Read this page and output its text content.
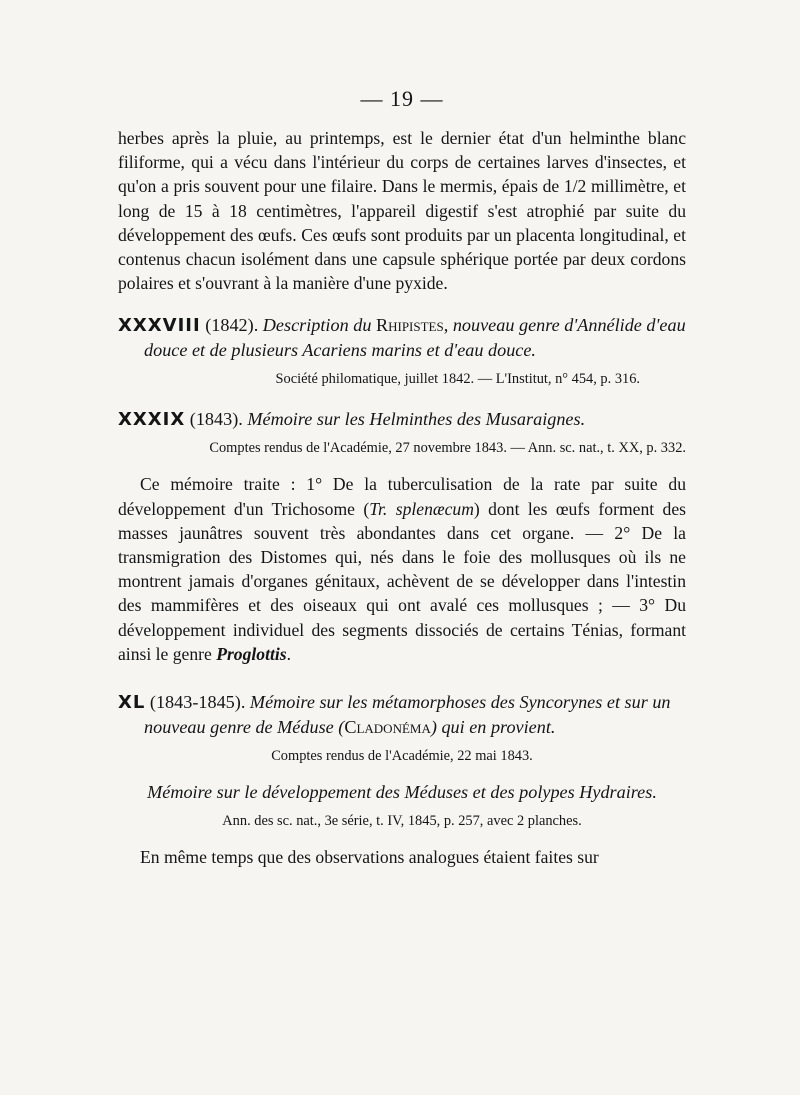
— 19 —

herbes après la pluie, au printemps, est le dernier état d'un helminthe blanc filiforme, qui a vécu dans l'intérieur du corps de certaines larves d'insectes, et qu'on a pris souvent pour une filaire. Dans le mermis, épais de 1/2 millimètre, et long de 15 à 18 centimètres, l'appareil digestif s'est atrophié par suite du développement des œufs. Ces œufs sont produits par un placenta longitudinal, et contenus chacun isolément dans une capsule sphérique portée par deux cordons polaires et s'ouvrant à la manière d'une pyxide.

XXXVIII (1842). Description du Rhipistes, nouveau genre d'Annélide d'eau douce et de plusieurs Acariens marins et d'eau douce.
Société philomatique, juillet 1842. — L'Institut, n° 454, p. 316.
XXXIX (1843). Mémoire sur les Helminthes des Musaraignes.
Comptes rendus de l'Académie, 27 novembre 1843. — Ann. sc. nat., t. XX, p. 332.

Ce mémoire traite : 1° De la tuberculisation de la rate par suite du développement d'un Trichosome (Tr. splenæcum) dont les œufs forment des masses jaunâtres souvent très abondantes dans cet organe. — 2° De la transmigration des Distomes qui, nés dans le foie des mollusques où ils ne montrent jamais d'organes génitaux, achèvent de se développer dans l'intestin des mammifères et des oiseaux qui ont avalé ces mollusques ; — 3° Du développement individuel des segments dissociés de certains Ténias, formant ainsi le genre Proglottis.

XL (1843-1845). Mémoire sur les métamorphoses des Syncorynes et sur un nouveau genre de Méduse (Cladonéma) qui en provient.
Comptes rendus de l'Académie, 22 mai 1843.
Mémoire sur le développement des Méduses et des polypes Hydraires.
Ann. des sc. nat., 3e série, t. IV, 1845, p. 257, avec 2 planches.

En même temps que des observations analogues étaient faites sur
